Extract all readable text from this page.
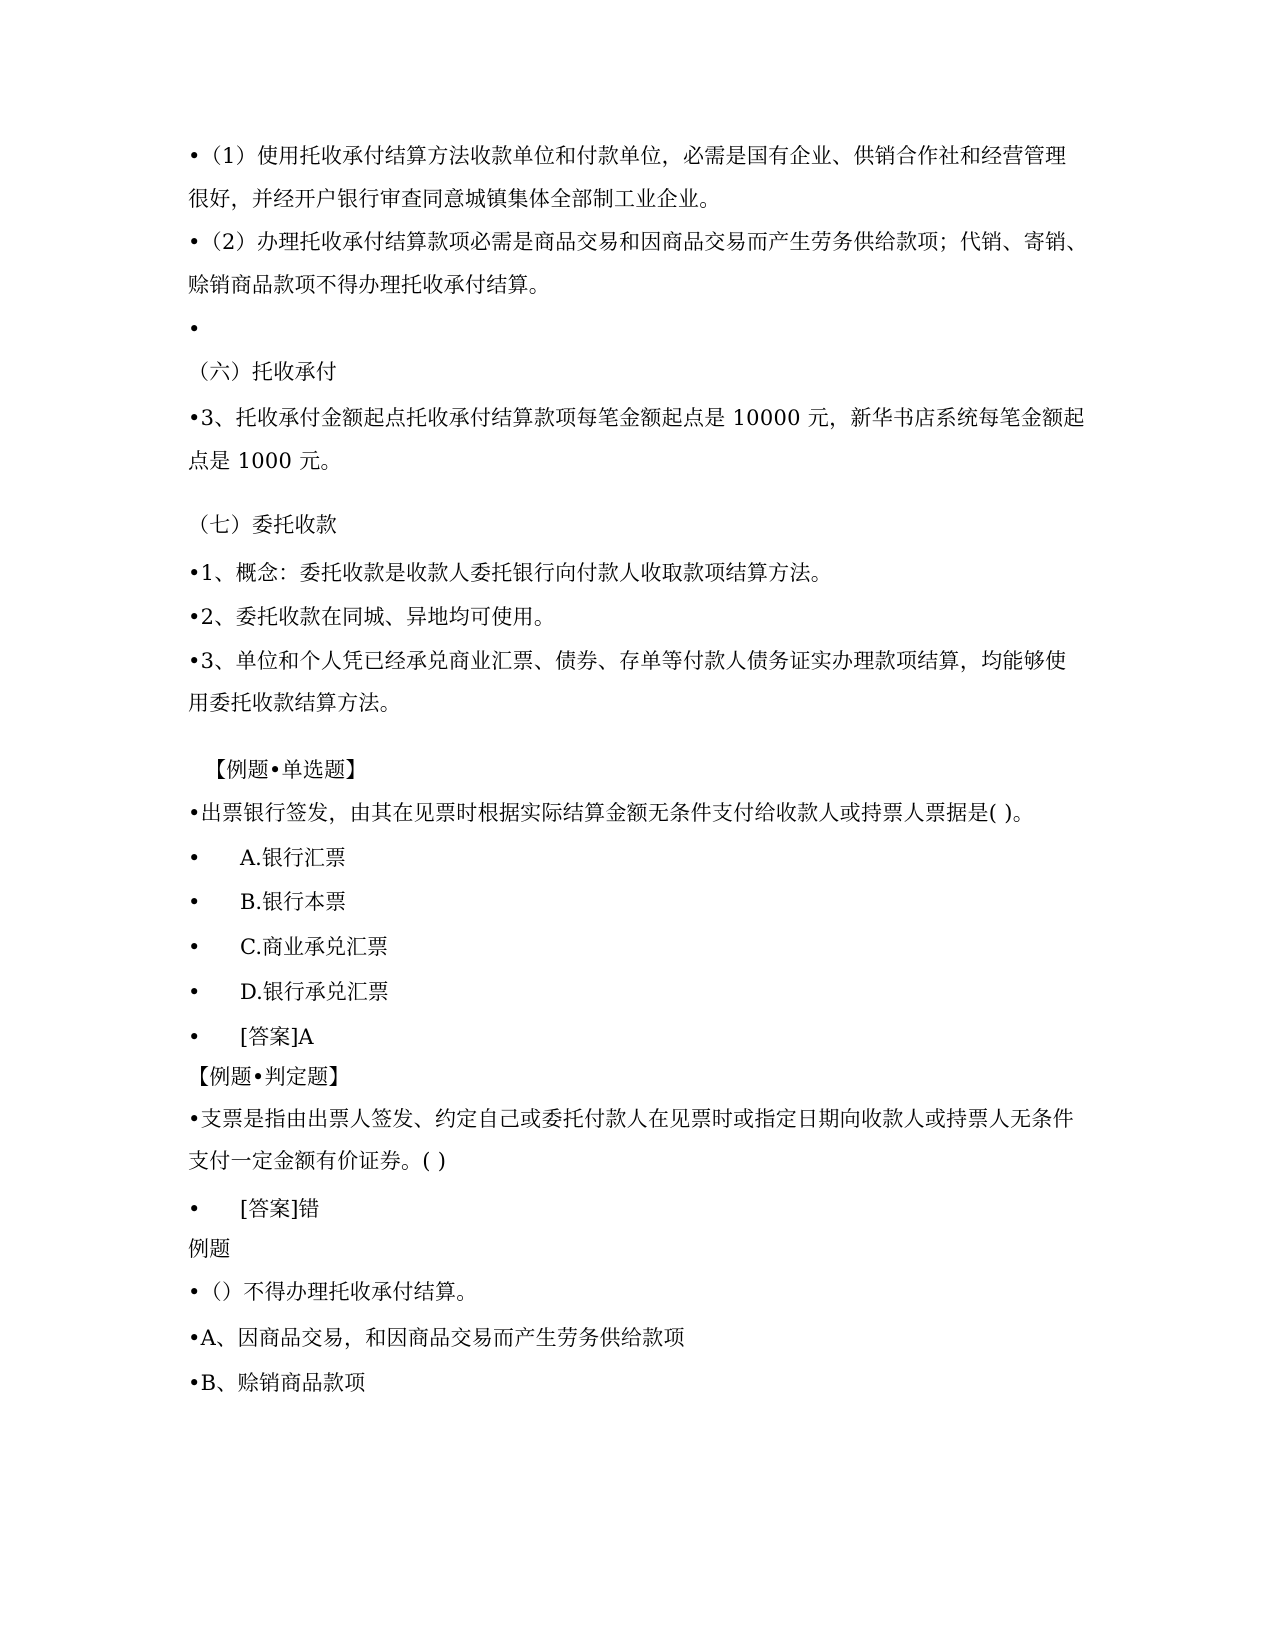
•（1）使用托收承付结算方法收款单位和付款单位，必需是国有企业、供销合作社和经营管理
很好，并经开户银行审查同意城镇集体全部制工业企业。
•（2）办理托收承付结算款项必需是商品交易和因商品交易而产生劳务供给款项；代销、寄销、
赊销商品款项不得办理托收承付结算。
•
（六）托收承付
•3、托收承付金额起点托收承付结算款项每笔金额起点是 10000 元，新华书店系统每笔金额起
点是 1000 元。
（七）委托收款
•1、概念：委托收款是收款人委托银行向付款人收取款项结算方法。
•2、委托收款在同城、异地均可使用。
•3、单位和个人凭已经承兑商业汇票、债券、存单等付款人债务证实办理款项结算，均能够使
用委托收款结算方法。
【例题•单选题】
•出票银行签发，由其在见票时根据实际结算金额无条件支付给收款人或持票人票据是( )。
• A.银行汇票
• B.银行本票
• C.商业承兑汇票
• D.银行承兑汇票
• [答案]A
【例题•判定题】
•支票是指由出票人签发、约定自己或委托付款人在见票时或指定日期向收款人或持票人无条件
支付一定金额有价证券。( )
• [答案]错
例题
•（）不得办理托收承付结算。
•A、因商品交易，和因商品交易而产生劳务供给款项
•B、赊销商品款项
